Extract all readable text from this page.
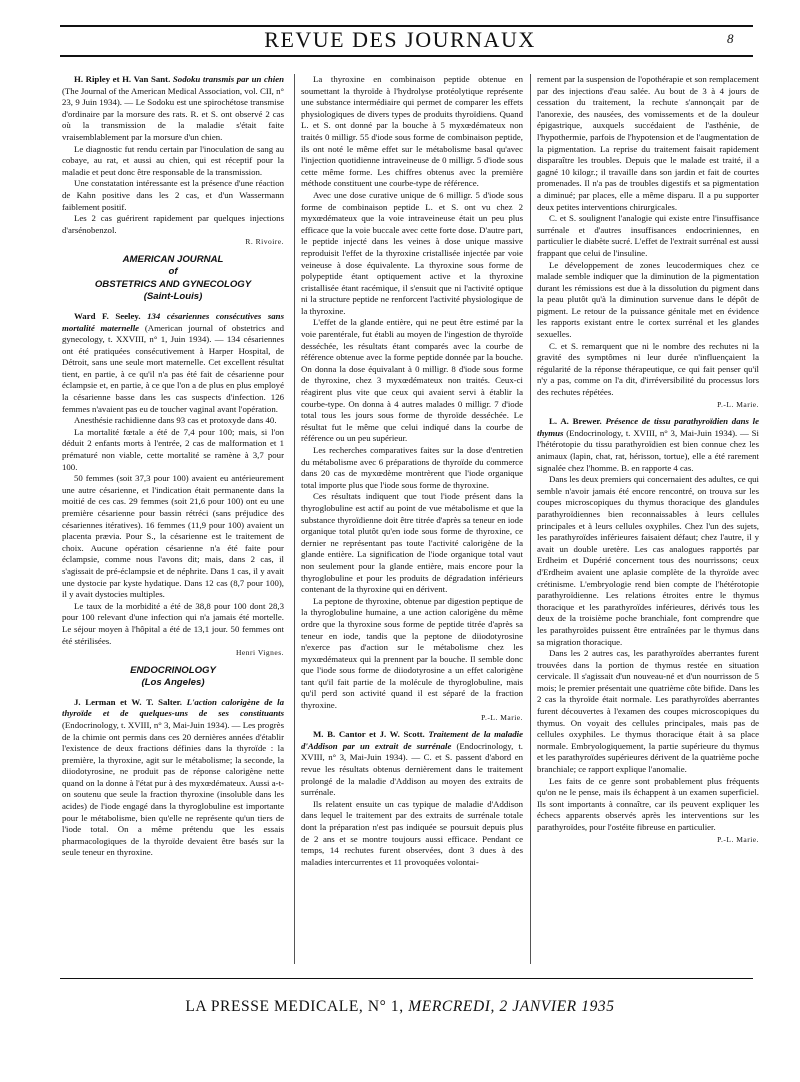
REVUE DES JOURNAUX	8

H. Ripley et H. Van Sant. Sodoku transmis par un chien (The Journal of the American Medical Association, vol. CII, n° 23, 9 Juin 1934). — Le Sodoku est une spirochétose transmise d'ordinaire par la morsure des rats. R. et S. ont observé 2 cas où la transmission de la maladie s'était faite vraisemblablement par la morsure d'un chien.

Le diagnostic fut rendu certain par l'inoculation de sang au cobaye, au rat, et aussi au chien, qui est réceptif pour la maladie et peut donc être responsable de la transmission.

Une constatation intéressante est la présence d'une réaction de Kahn positive dans les 2 cas, et d'un Wassermann faiblement positif.

Les 2 cas guérirent rapidement par quelques injections d'arsénobenzol.

R. Rivoire.
AMERICAN JOURNAL
of
OBSTETRICS AND GYNECOLOGY
(Saint-Louis)

Ward F. Seeley. 134 césariennes consécutives sans mortalité maternelle (American journal of obstetrics and gynecology, t. XXVIII, n° 1, Juin 1934). — 134 césariennes ont été pratiquées consécutivement à Harper Hospital, de Détroit, sans une seule mort maternelle. Cet excellent résultat tient, en partie, à ce qu'il n'a pas été fait de césarienne pour éclampsie et, en partie, à ce que l'on a de plus en plus employé la césarienne basse dans les cas suspects d'infection. 126 femmes n'avaient pas eu de toucher vaginal avant l'opération.

Anesthésie rachidienne dans 93 cas et protoxyde dans 40.

La mortalité fœtale a été de 7,4 pour 100; mais, si l'on déduit 2 enfants morts à l'entrée, 2 cas de malformation et 1 prématuré non viable, cette mortalité se ramène à 3,7 pour 100.

50 femmes (soit 37,3 pour 100) avaient eu antérieurement une autre césarienne, et l'indication était permanente dans la moitié de ces cas. 29 femmes (soit 21,6 pour 100) ont eu une première césarienne pour bassin rétréci (sans préjudice des césariennes itératives). 16 femmes (11,9 pour 100) avaient un placenta prævia. Pour S., la césarienne est le traitement de choix. Aucune opération césarienne n'a été faite pour éclampsie, comme nous l'avons dit; mais, dans 2 cas, il s'agissait de pré-éclampsie et de néphrite. Dans 1 cas, il y avait une dystocie par kyste hydatique. Dans 12 cas (8,7 pour 100), il y avait dystocies multiples.

Le taux de la morbidité a été de 38,8 pour 100 dont 28,3 pour 100 relevant d'une infection qui n'a jamais été mortelle. Le séjour moyen à l'hôpital a été de 13,1 jour. 50 femmes ont été stérilisées.

Henri Vignes.
ENDOCRINOLOGY
(Los Angeles)

J. Lerman et W. T. Salter. L'action calorigène de la thyroïde et de quelques-uns de ses constituants (Endocrinology, t. XVIII, n° 3, Mai-Juin 1934). — Les progrès de la chimie ont permis dans ces 20 dernières années d'établir l'existence de deux fractions définies dans la thyroïde : la première, la thyroxine, agit sur le métabolisme; la seconde, la diiodotyrosine, ne produit pas de réponse calorigène nette quand on la donne à l'état pur à des myxœdémateux. Aussi a-t-on soutenu que seule la fraction thyroxine (insoluble dans les acides) de l'iode engagé dans la thyroglobuline est importante pour le métabolisme, bien qu'elle ne représente qu'un tiers de l'iode total. On a même prétendu que les essais pharmacologiques de la thyroïde devaient être basés sur la seule teneur en thyroxine.

La thyroxine en combinaison peptide obtenue en soumettant la thyroïde à l'hydrolyse protéolytique représente une substance intermédiaire qui permet de comparer les effets physiologiques de divers types de produits thyroïdiens. Quand L. et S. ont donné par la bouche à 5 myxœdémateux non traités 0 milligr. 55 d'iode sous forme de combinaison peptide, ils ont noté le même effet sur le métabolisme basal qu'avec l'injection quotidienne intraveineuse de 0 milligr. 5 d'iode sous cette même forme. Les chiffres obtenus avec la première méthode constituent une courbe-type de référence.

Avec une dose curative unique de 6 milligr. 5 d'iode sous forme de combinaison peptide L. et S. ont vu chez 2 myxœdémateux que la voie intraveineuse était un peu plus efficace que la voie buccale avec cette forte dose. D'autre part, le peptide injecté dans les veines à dose unique massive reproduisit l'effet de la thyroxine cristallisée injectée par voie veineuse à dose équivalente. La thyroxine sous forme de polypeptide étant optiquement active et la thyroxine cristallisée étant racémique, il s'ensuit que ni l'activité optique ni la structure peptide ne renforcent l'activité physiologique de la thyroxine.

L'effet de la glande entière, qui ne peut être estimé par la voie parentérale, fut établi au moyen de l'ingestion de thyroïde desséchée, les résultats étant comparés avec la courbe de référence obtenue avec la forme peptide donnée par la bouche. On donna la dose équivalant à 0 milligr. 8 d'iode sous forme de thyroxine, chez 3 myxœdémateux non traités. Ceux-ci réagirent plus vite que ceux qui avaient servi à établir la courbe-type. On donna à 4 autres malades 0 milligr. 7 d'iode total tous les jours sous forme de thyroïde desséchée. Le résultat fut le même que celui indiqué dans la courbe de référence ou un peu supérieur.

Les recherches comparatives faites sur la dose d'entretien du métabolisme avec 6 préparations de thyroïde du commerce dans 20 cas de myxœdème montrèrent que l'iode organique total importe plus que l'iode sous forme de thyroxine.

Ces résultats indiquent que tout l'iode présent dans la thyroglobuline est actif au point de vue métabolisme et que la substance thyroïdienne doit être titrée d'après sa teneur en iode organique total plutôt qu'en iode sous forme de thyroxine, ce dernier ne représentant pas toute l'activité calorigène de la glande entière. La signification de l'iode organique total vaut non seulement pour la glande entière, mais encore pour la thyroglobuline et pour les produits de dégradation inférieurs contenant de la thyroxine qui en dérivent.

La peptone de thyroxine, obtenue par digestion peptique de la thyroglobuline humaine, a une action calorigène du même ordre que la thyroxine sous forme de peptide titrée d'après sa teneur en iode, tandis que la peptone de diiodotyrosine n'exerce pas d'action sur le métabolisme chez les myxœdémateux qui la prennent par la bouche. Il semble donc que l'iode sous forme de diiodotyrosine a un effet calorigène tant qu'il fait partie de la molécule de thyroglobuline, mais qu'il perd son activité quand il est séparé de la fraction thyroxine.

P.-L. Marie.

M. B. Cantor et J. W. Scott. Traitement de la maladie d'Addison par un extrait de surrénale (Endocrinology, t. XVIII, n° 3, Mai-Juin 1934). — C. et S. passent d'abord en revue les résultats obtenus dernièrement dans le traitement prolongé de la maladie d'Addison au moyen des extraits de surrénale.

Ils relatent ensuite un cas typique de maladie d'Addison dans lequel le traitement par des extraits de surrénale totale dont la préparation n'est pas indiquée se poursuit depuis plus de 2 ans et se montre toujours aussi efficace. Pendant ce temps, 14 rechutes furent observées, dont 3 dues à des maladies intercurrentes et 11 provoquées volontai-

rement par la suspension de l'opothérapie et son remplacement par des injections d'eau salée. Au bout de 3 à 4 jours de cessation du traitement, la rechute s'annonçait par de l'anorexie, des nausées, des vomissements et de la douleur épigastrique, auxquels succédaient de l'asthénie, de l'hypothermie, parfois de l'hypotension et de l'augmentation de la pigmentation. La reprise du traitement faisait rapidement disparaître les troubles. Depuis que le malade est traité, il a gagné 10 kilogr.; il travaille dans son jardin et fait de courtes promenades. Il n'a pas de troubles digestifs et sa pigmentation a diminué; par places, elle a même disparu. Il a pu supporter deux petites interventions chirurgicales.

C. et S. soulignent l'analogie qui existe entre l'insuffisance surrénale et d'autres insuffisances endocriniennes, en particulier le diabète sucré. L'effet de l'extrait surrénal est aussi frappant que celui de l'insuline.

Le développement de zones leucodermiques chez ce malade semble indiquer que la diminution de la pigmentation durant les rémissions est due à la dissolution du pigment dans la peau plutôt qu'à la diminution survenue dans le dépôt de pigment. Le retour de la puissance génitale met en évidence les rapports existant entre le cortex surrénal et les glandes sexuelles.

C. et S. remarquent que ni le nombre des rechutes ni la gravité des symptômes ni leur durée n'influençaient la régularité de la réponse thérapeutique, ce qui fait penser qu'il n'y a pas, comme on l'a dit, d'irréversibilité du processus lors des rechutes répétées.

P.-L. Marie.

L. A. Brewer. Présence de tissu parathyroïdien dans le thymus (Endocrinology, t. XVIII, n° 3, Mai-Juin 1934). — Si l'hétérotopie du tissu parathyroïdien est bien connue chez les animaux (lapin, chat, rat, hérisson, tortue), elle a été rarement signalée chez l'homme. B. en rapporte 4 cas.

Dans les deux premiers qui concernaient des adultes, ce qui semble n'avoir jamais été encore rencontré, on trouva sur les coupes microscopiques du thymus thoracique des glandules parathyroïdiennes bien reconnaissables à leurs cellules principales et à leurs cellules oxyphiles. Chez l'un des sujets, les parathyroïdes inférieures faisaient défaut; chez l'autre, il y avait un double uretère. Les cas analogues rapportés par Erdheim et Dupérié concernent tous des nourrissons; ceux d'Erdheim avaient une aplasie complète de la thyroïde avec crétinisme. L'embryologie rend bien compte de l'hétérotopie parathyroïdienne. Les relations étroites entre le thymus thoracique et les parathyroïdes inférieures, dérivés tous les deux de la troisième poche branchiale, font comprendre que les parathyroïdes puissent être entraînées par le thymus dans sa migration thoracique.

Dans les 2 autres cas, les parathyroïdes aberrantes furent trouvées dans la portion de thymus restée en situation cervicale. Il s'agissait d'un nouveau-né et d'un nourrisson de 5 mois; le premier présentait une quatrième côte bifide. Dans les 2 cas la thyroïde était normale. Les parathyroïdes aberrantes furent découvertes à l'examen des coupes microscopiques du thymus. On voyait des cellules principales, mais pas de cellules oxyphiles. Le thymus thoracique était à sa place normale. Embryologiquement, la partie supérieure du thymus et les parathyroïdes supérieures dérivent de la quatrième poche branchiale; ce rapport explique l'anomalie.

Les faits de ce genre sont probablement plus fréquents qu'on ne le pense, mais ils échappent à un examen superficiel. Ils sont importants à connaître, car ils peuvent expliquer les échecs apparents observés après les interventions sur les parathyroïdes, pour l'ostéite fibreuse en particulier.

P.-L. Marie.
LA PRESSE MEDICALE, N° 1, MERCREDI, 2 JANVIER 1935
